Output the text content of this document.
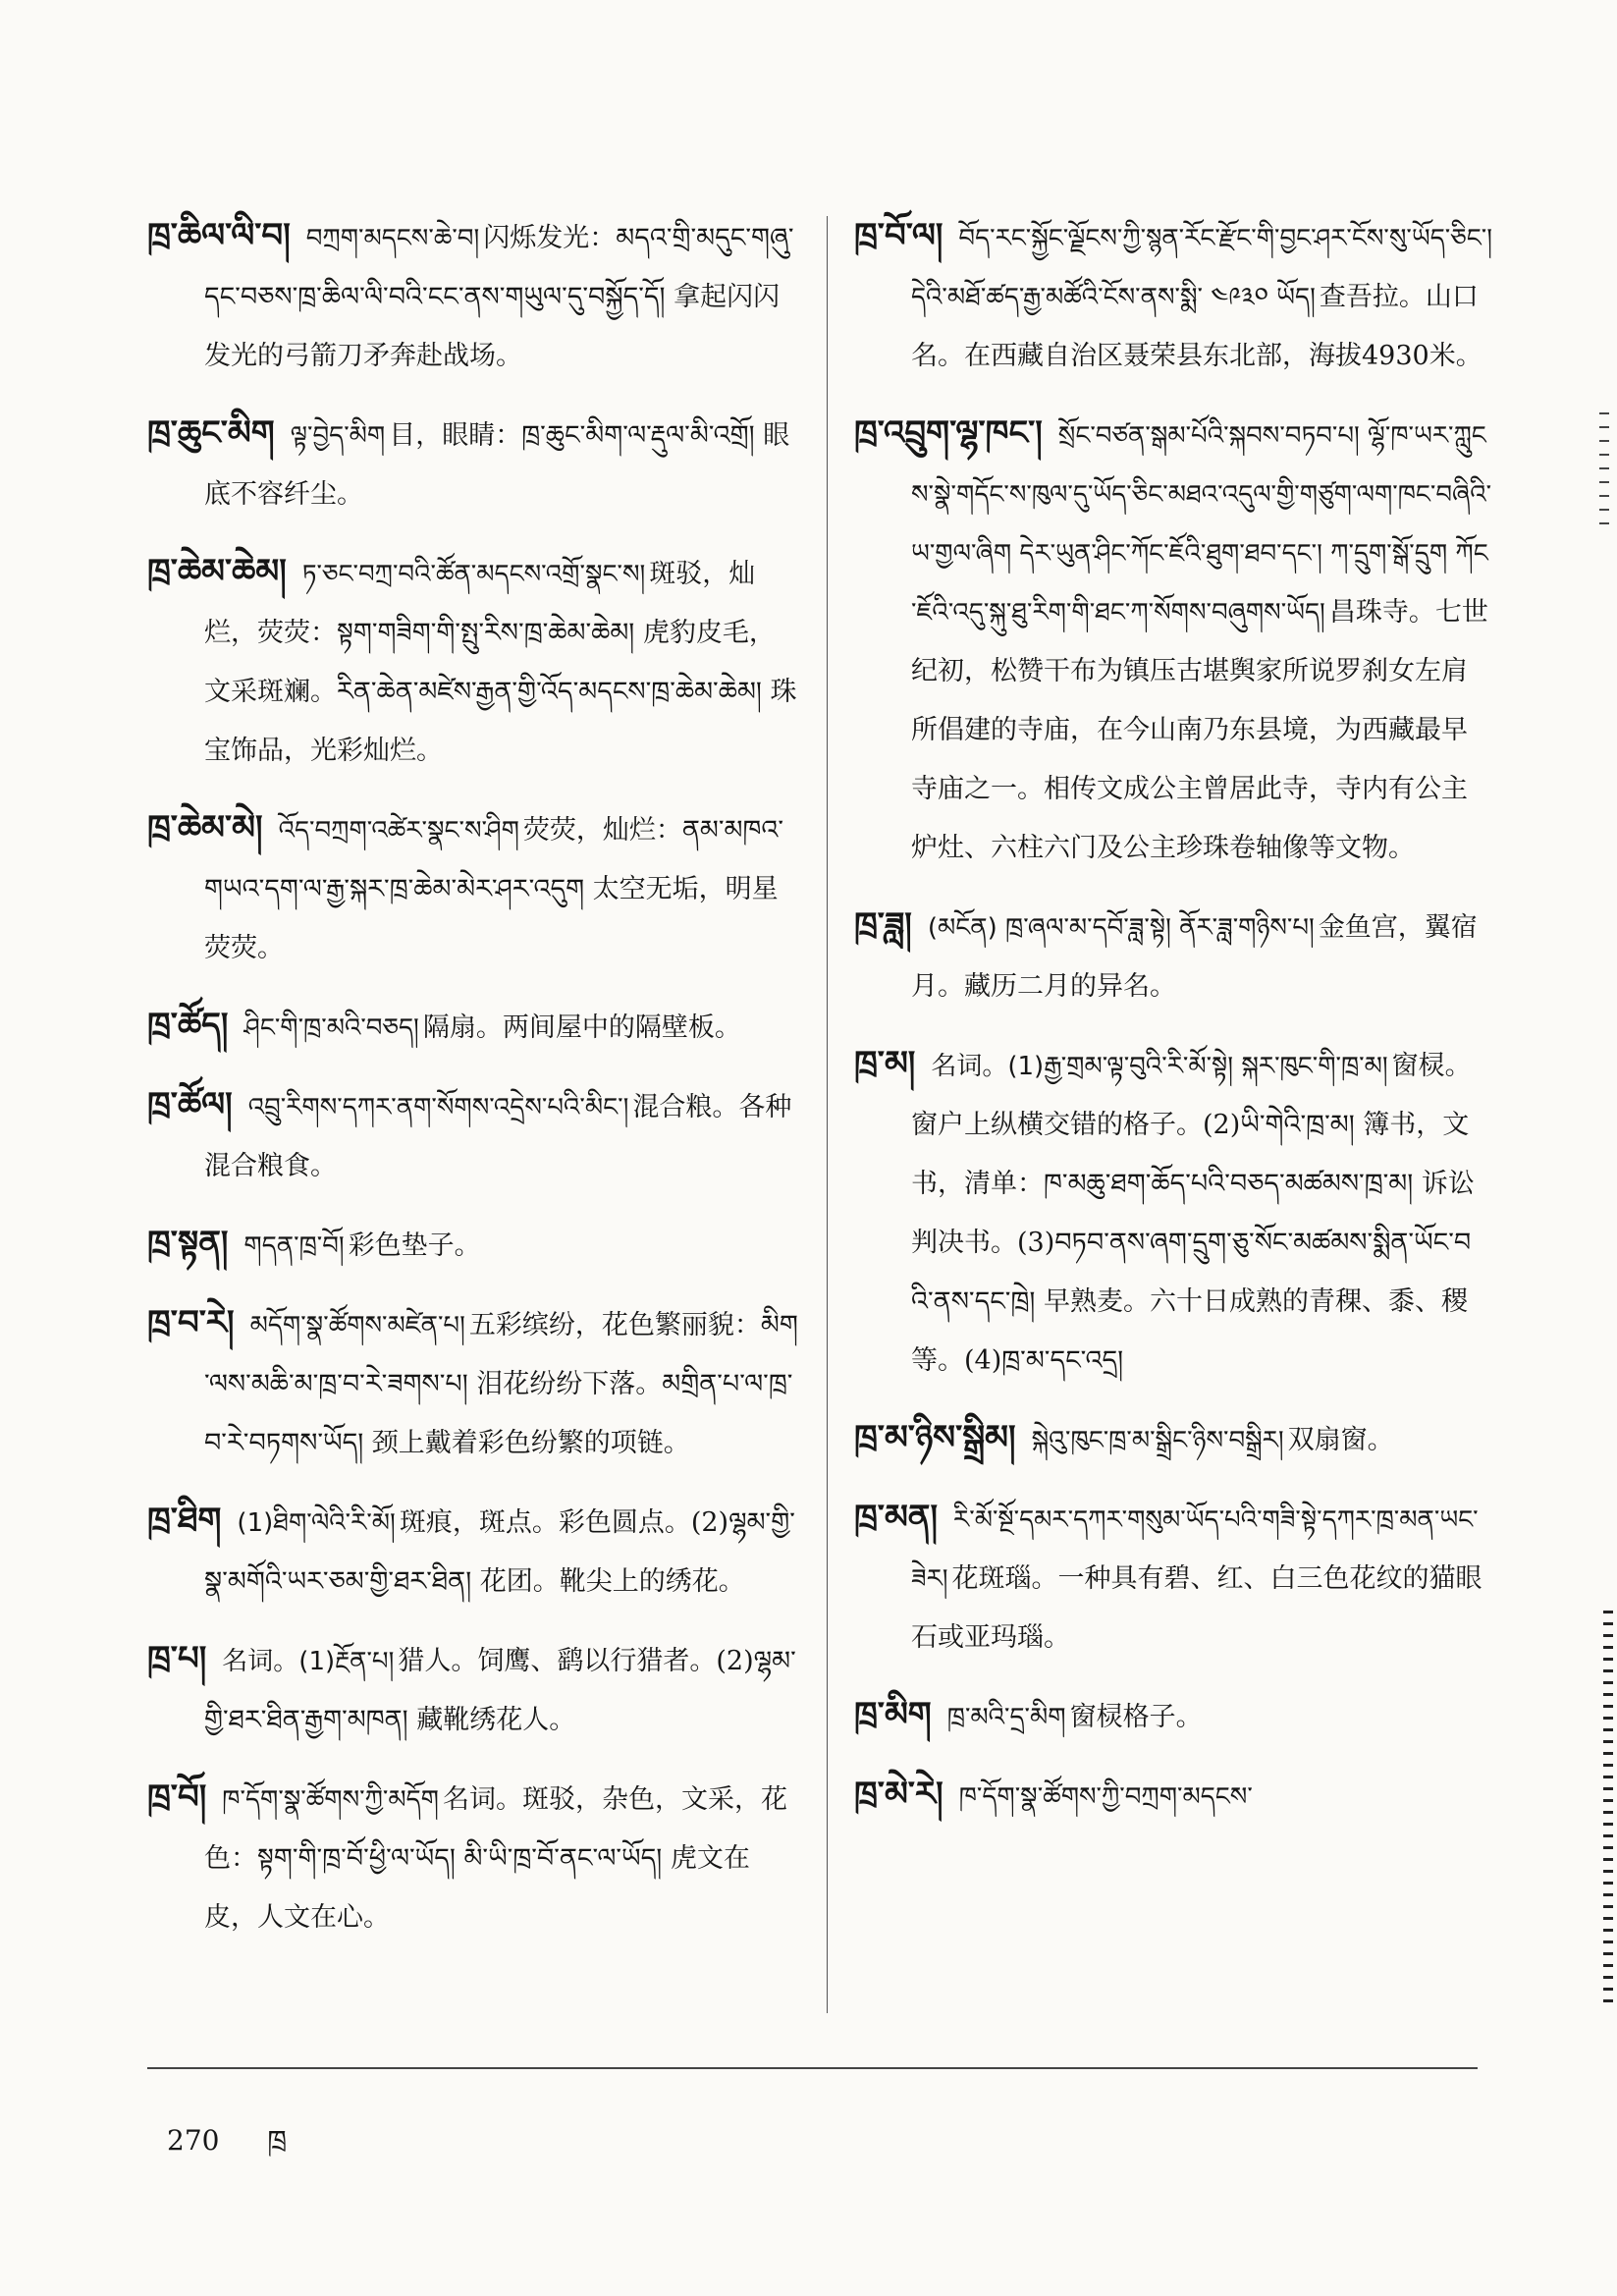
ཁྲ་ཆིལ་ལི་བ། བཀྲག་མདངས་ཆེ་བ། 闪烁发光：མདའ་གྲི་མདུང་གཞུ་དང་བཅས་ཁྲ་ཆིལ་ལི་བའི་ངང་ནས་གཡུལ་དུ་བསྐྱོད་དོ། 拿起闪闪发光的弓箭刀矛奔赴战场。

ཁྲ་ཆུང་མིག ལྟ་བྱེད་མིག 目，眼睛：ཁྲ་ཆུང་མིག་ལ་རྡུལ་མི་འགྲོ། 眼底不容纤尘。

ཁྲ་ཆེམ་ཆེམ། ཏ་ཅང་བཀྲ་བའི་ཚོན་མདངས་འགྲོ་སྣང་ས། 斑驳，灿烂，荧荧：སྟག་གཟིག་གི་སྤུ་རིས་ཁྲ་ཆེམ་ཆེམ། 虎豹皮毛，文采斑斓。རིན་ཆེན་མཛེས་རྒྱན་གྱི་འོད་མདངས་ཁྲ་ཆེམ་ཆེམ། 珠宝饰品，光彩灿烂。

ཁྲ་ཆེམ་མེ། འོད་བཀྲག་འཚེར་སྣང་ས་ཤིག 荧荧，灿烂：ནམ་མཁའ་གཡའ་དག་ལ་རྒྱ་སྐར་ཁྲ་ཆེམ་མེར་ཤར་འདུག 太空无垢，明星荧荧。

ཁྲ་ཚོད། ཤིང་གི་ཁྲ་མའི་བཅད། 隔扇。两间屋中的隔壁板。

ཁྲ་ཚོལ། འབྲུ་རིགས་དཀར་ནག་སོགས་འདྲེས་པའི་མིང་། 混合粮。各种混合粮食。

ཁྲ་སྟན། གདན་ཁྲ་བོ། 彩色垫子。

ཁྲ་བ་རེ། མདོག་སྣ་ཚོགས་མཛེན་པ། 五彩缤纷，花色繁丽貌：མིག་ལས་མཆི་མ་ཁྲ་བ་རེ་ཟགས་པ། 泪花纷纷下落。མགྲིན་པ་ལ་ཁྲ་བ་རེ་བཏགས་ཡོད། 颈上戴着彩色纷繁的项链。

ཁྲ་ཐིག (1)ཐིག་ལེའི་རི་མོ། 斑痕，斑点。彩色圆点。(2)ལྷམ་གྱི་སྣ་མགོའི་ཡར་ཅམ་གྱི་ཐར་ཐིན། 花团。靴尖上的绣花。

ཁྲ་པ། 名词。(1)རྔོན་པ། 猎人。饲鹰、鹞以行猎者。(2)ལྷམ་གྱི་ཐར་ཐིན་རྒྱག་མཁན། 藏靴绣花人。

ཁྲ་བོ། ཁ་དོག་སྣ་ཚོགས་ཀྱི་མདོག 名词。斑驳，杂色，文采，花色：སྟག་གི་ཁྲ་བོ་ཕྱི་ལ་ཡོད། མི་ཡི་ཁྲ་བོ་ནང་ལ་ཡོད། 虎文在皮，人文在心。

ཁྲ་བོ་ལ། བོད་རང་སྐྱོང་ལྗོངས་ཀྱི་སྙན་རོང་རྫོང་གི་བྱང་ཤར་ངོས་སུ་ཡོད་ཅིང་། དེའི་མཐོ་ཚད་རྒྱ་མཚོའི་ངོས་ནས་སྨི་ ༤༩༣༠ ཡོད། 查吾拉。山口名。在西藏自治区聂荣县东北部，海拔4930米。

ཁྲ་འབྲུག་ལྷ་ཁང་། སྲོང་བཙན་སྒམ་པོའི་སྐབས་བཏབ་པ། ལྷོ་ཁ་ཡར་ཀླུངས་སྣེ་གདོང་ས་ཁུལ་དུ་ཡོད་ཅིང་མཐའ་འདུལ་གྱི་གཙུག་ལག་ཁང་བཞིའི་ཡ་གྱལ་ཞིག དེར་ཡུན་ཤིང་ཀོང་ཇོའི་ཐུག་ཐབ་དང་། ཀ་དྲུག་སྒོ་དྲུག ཀོང་ཇོའི་འདུ་སྐུ་ཐུ་རིག་གི་ཐང་ཀ་སོགས་བཞུགས་ཡོད། 昌珠寺。七世纪初，松赞干布为镇压古堪舆家所说罗刹女左肩所倡建的寺庙，在今山南乃东县境，为西藏最早寺庙之一。相传文成公主曾居此寺，寺内有公主炉灶、六柱六门及公主珍珠卷轴像等文物。

ཁྲ་ཟླ། (མངོན) ཁྲ་ཞལ་མ་དབོ་ཟླ་སྟེ། ནོར་ཟླ་གཉིས་པ། 金鱼宫，翼宿月。藏历二月的异名。

ཁྲ་མ། 名词。(1)རྒྱ་གྲམ་ལྟ་བུའི་རི་མོ་སྟེ། སྐར་ཁུང་གི་ཁྲ་མ། 窗棂。窗户上纵横交错的格子。(2)ཡི་གེའི་ཁྲ་མ། 簿书，文书，清单：ཁ་མཆུ་ཐག་ཆོད་པའི་བཅད་མཚམས་ཁྲ་མ། 诉讼判决书。(3)བཏབ་ནས་ཞག་དྲུག་ཅུ་སོང་མཚམས་སྨིན་ཡོང་བའི་ནས་དང་ཁྲེ། 早熟麦。六十日成熟的青稞、黍、稷等。(4)ཁྲ་མ་དང་འདྲ།

ཁྲ་མ་ཉིས་སྒྲིམ། སྐེའུ་ཁུང་ཁྲ་མ་སྒྲིང་ཉིས་བསྒྲིར། 双扇窗。

ཁྲ་མན། རི་མོ་སྔོ་དམར་དཀར་གསུམ་ཡོད་པའི་གཟི་སྟེ་དཀར་ཁྲ་མན་ཡང་ཟེར། 花斑瑙。一种具有碧、红、白三色花纹的猫眼石或亚玛瑙。

ཁྲ་མིག ཁྲ་མའི་དྲ་མིག 窗棂格子。

ཁྲ་མེ་རེ། ཁ་དོག་སྣ་ཚོགས་ཀྱི་བཀྲག་མདངས་

270 ཁྲ
